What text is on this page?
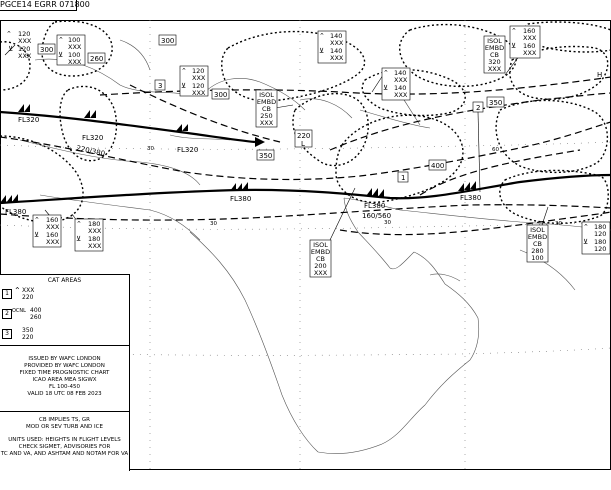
PGCE14 EGRR 071800
30
30	30	30
60
FL320
FL320
FL320
220/380
FL380
FL380
FL380
FL380
160/560
300
300
300
260
350
400
350
220
L
H
3
2
1
⌃ 120
XXX
⊻ 120
XXX
⌃ 100
XXX
⊻ 100
XXX
⌃ 120
XXX
⊻ 120
XXX
⌃ 140
XXX
⊻ 140
XXX
⌃ 140
XXX
⊻ 140
XXX
⌃ 160
XXX
⊻ 160
XXX
⌃ 160
XXX
⊻ 160
XXX
⌃ 180
XXX
⊻ 180
XXX
⌃ 180
120
⊻ 180
120
ISOL
EMBD
CB
250
XXX
ISOL
EMBD
CB
320
XXX
ISOL
EMBD
CB
200
XXX
ISOL
EMBD
CB
280
100
CAT AREAS
1 ⌃ XXX
220
2 OCNL 400
260
3	350
220
ISSUED BY WAFC LONDON
PROVIDED BY WAFC LONDON
FIXED TIME PROGNOSTIC CHART
ICAO AREA MEA SIGWX
FL 100-450
VALID 18 UTC 08 FEB 2023
CB IMPLIES TS, GR
MOD OR SEV TURB AND ICE
UNITS USED: HEIGHTS IN FLIGHT LEVELS
CHECK SIGMET, ADVISORIES FOR
TC AND VA, AND ASHTAM AND NOTAM FOR VA
